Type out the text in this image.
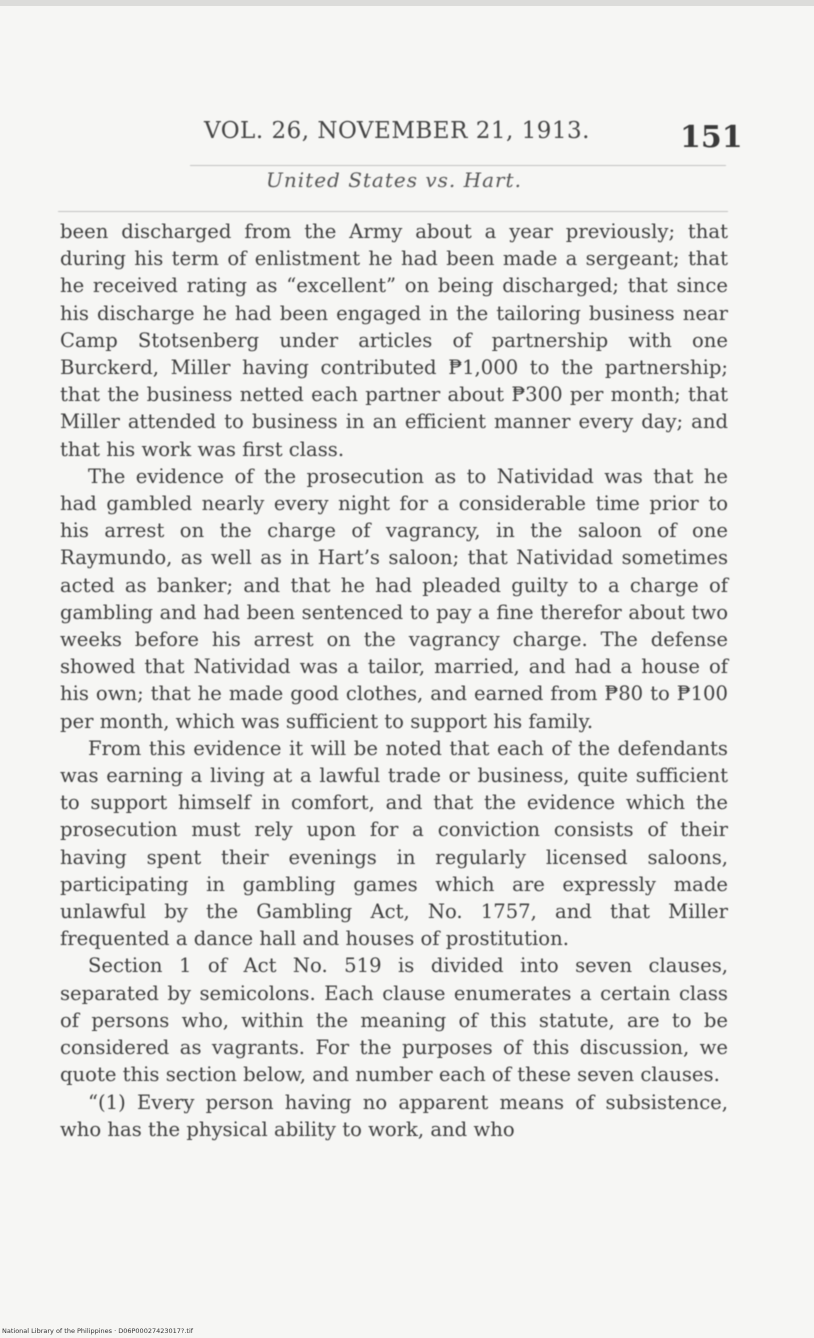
VOL. 26, NOVEMBER 21, 1913.	151
United States vs. Hart.

been discharged from the Army about a year previously; that during his term of enlistment he had been made a sergeant; that he received rating as “excellent” on being discharged; that since his discharge he had been engaged in the tailoring business near Camp Stotsenberg under articles of partnership with one Burckerd, Miller having contributed ₱1,000 to the partnership; that the business netted each partner about ₱300 per month; that Miller attended to business in an efficient manner every day; and that his work was first class.

The evidence of the prosecution as to Natividad was that he had gambled nearly every night for a considerable time prior to his arrest on the charge of vagrancy, in the saloon of one Raymundo, as well as in Hart’s saloon; that Natividad sometimes acted as banker; and that he had pleaded guilty to a charge of gambling and had been sentenced to pay a fine therefor about two weeks before his arrest on the vagrancy charge. The defense showed that Natividad was a tailor, married, and had a house of his own; that he made good clothes, and earned from ₱80 to ₱100 per month, which was sufficient to support his family.

From this evidence it will be noted that each of the defendants was earning a living at a lawful trade or business, quite sufficient to support himself in comfort, and that the evidence which the prosecution must rely upon for a conviction consists of their having spent their evenings in regularly licensed saloons, participating in gambling games which are expressly made unlawful by the Gambling Act, No. 1757, and that Miller frequented a dance hall and houses of prostitution.

Section 1 of Act No. 519 is divided into seven clauses, separated by semicolons. Each clause enumerates a certain class of persons who, within the meaning of this statute, are to be considered as vagrants. For the purposes of this discussion, we quote this section below, and number each of these seven clauses.

“(1) Every person having no apparent means of subsistence, who has the physical ability to work, and who

National Library of the Philippines · D06P00027423017?.tif
